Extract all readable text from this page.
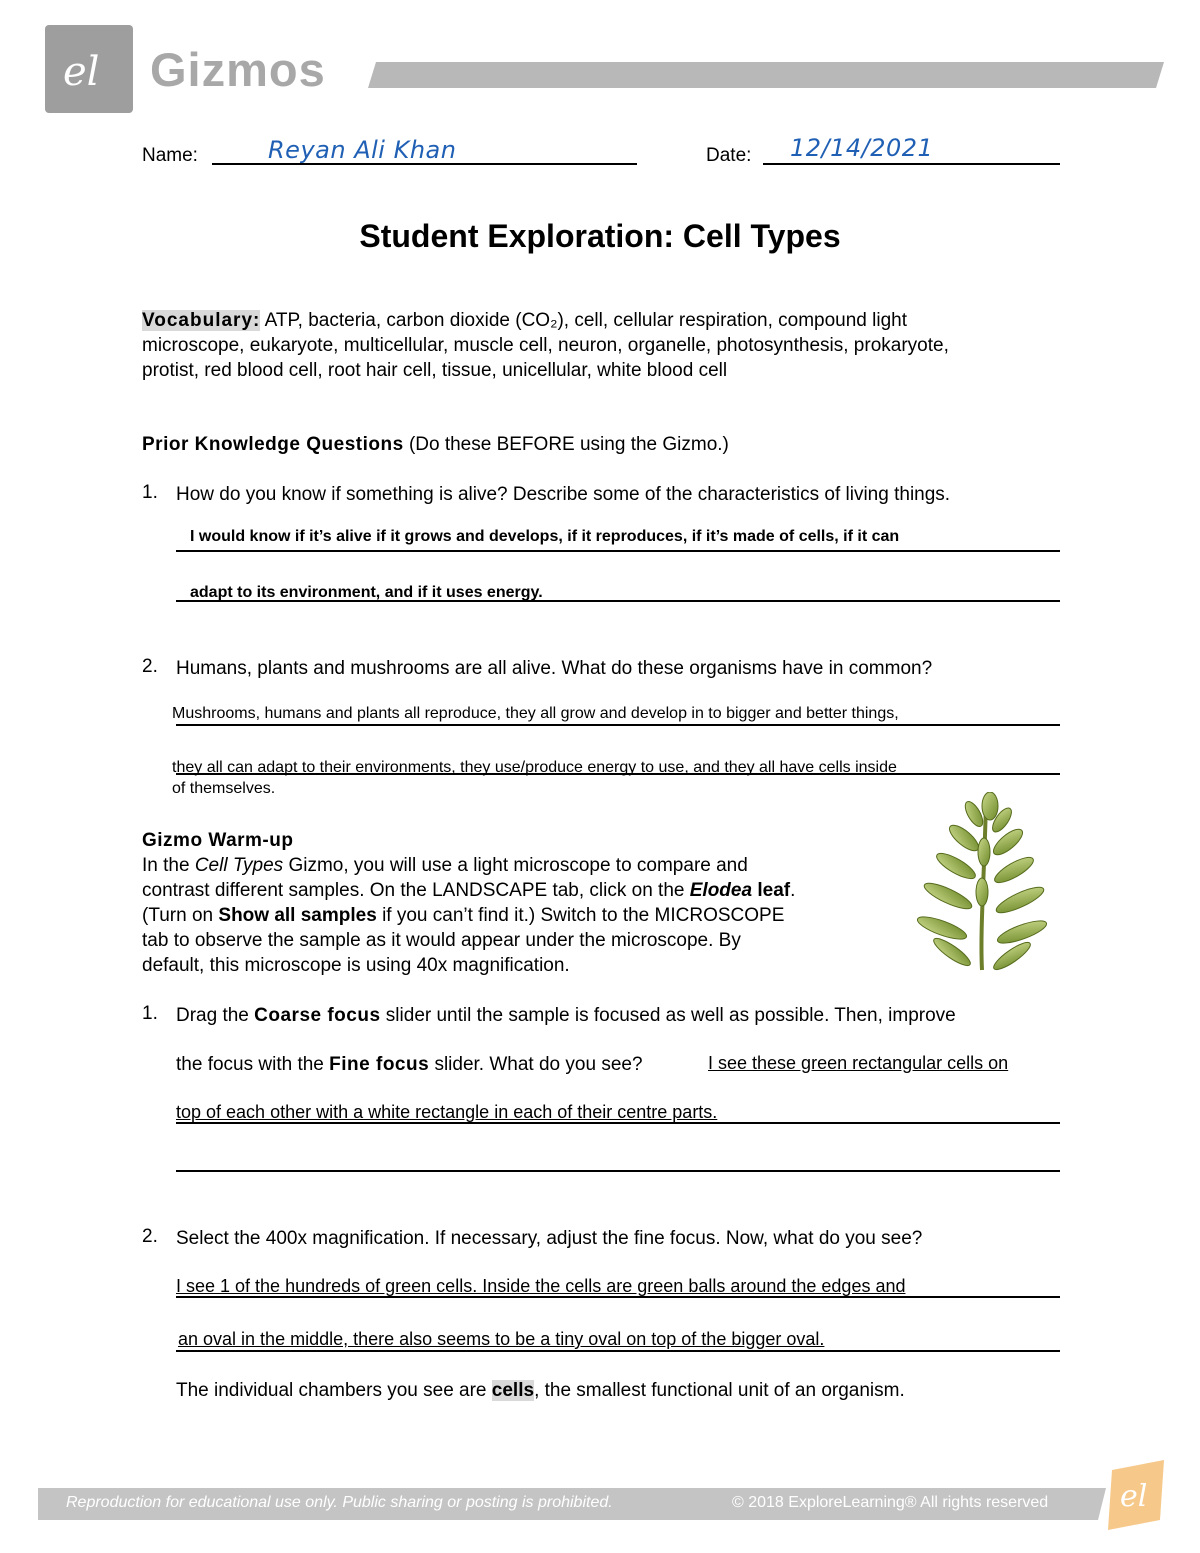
el Gizmos
Name:	Reyan Ali Khan	Date: 12/14/2021
Student Exploration: Cell Types
Vocabulary: ATP, bacteria, carbon dioxide (CO₂), cell, cellular respiration, compound light
microscope, eukaryote, multicellular, muscle cell, neuron, organelle, photosynthesis, prokaryote,
protist, red blood cell, root hair cell, tissue, unicellular, white blood cell
Prior Knowledge Questions (Do these BEFORE using the Gizmo.)
1. How do you know if something is alive? Describe some of the characteristics of living things.
I would know if it’s alive if it grows and develops, if it reproduces, if it’s made of cells, if it can
adapt to its environment, and if it uses energy.
2. Humans, plants and mushrooms are all alive. What do these organisms have in common?
Mushrooms, humans and plants all reproduce, they all grow and develop in to bigger and better things,
they all can adapt to their environments, they use/produce energy to use, and they all have cells inside
of themselves.
Gizmo Warm-up
In the Cell Types Gizmo, you will use a light microscope to compare and
contrast different samples. On the LANDSCAPE tab, click on the Elodea leaf.
(Turn on Show all samples if you can’t find it.) Switch to the MICROSCOPE
tab to observe the sample as it would appear under the microscope. By
default, this microscope is using 40x magnification.
1. Drag the Coarse focus slider until the sample is focused as well as possible. Then, improve
the focus with the Fine focus slider. What do you see?	I see these green rectangular cells on
top of each other with a white rectangle in each of their centre parts.
2. Select the 400x magnification. If necessary, adjust the fine focus. Now, what do you see?
I see 1 of the hundreds of green cells. Inside the cells are green balls around the edges and
an oval in the middle, there also seems to be a tiny oval on top of the bigger oval.
The individual chambers you see are cells, the smallest functional unit of an organism.
Reproduction for educational use only. Public sharing or posting is prohibited.	© 2018 ExploreLearning® All rights reserved el
